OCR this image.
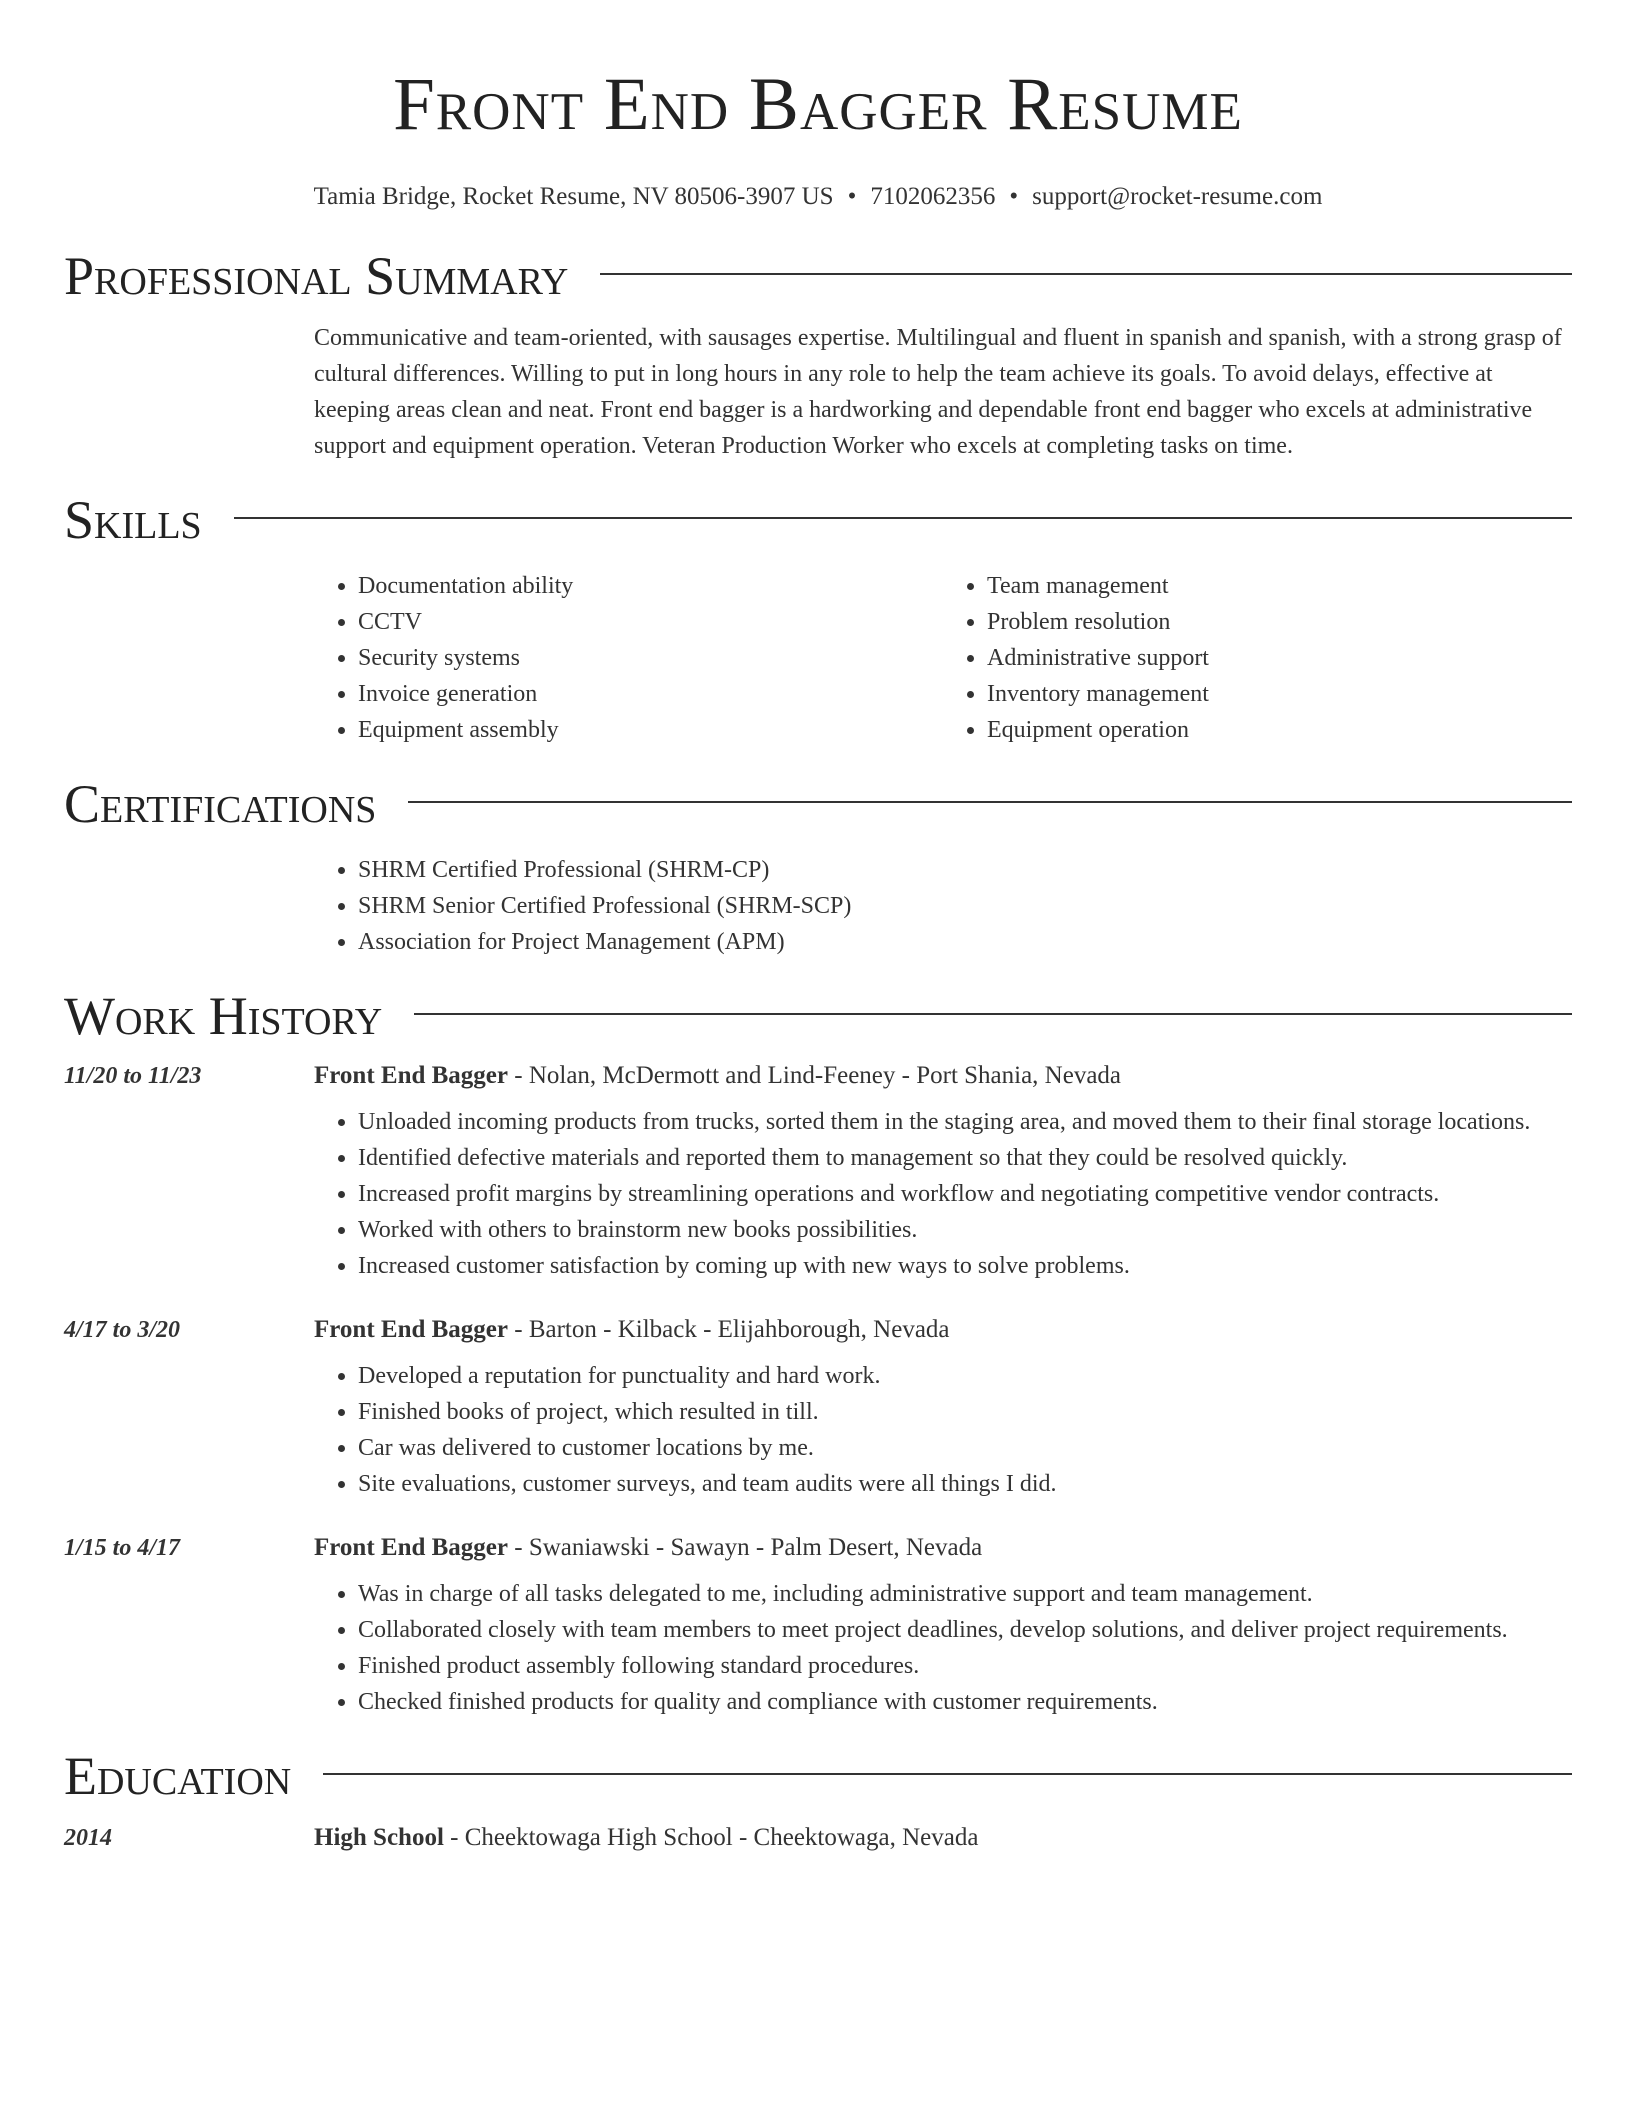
Front End Bagger Resume
Tamia Bridge, Rocket Resume, NV 80506-3907 US • 7102062356 • support@rocket-resume.com
Professional Summary

Communicative and team-oriented, with sausages expertise. Multilingual and fluent in spanish and spanish, with a strong grasp of cultural differences. Willing to put in long hours in any role to help the team achieve its goals. To avoid delays, effective at keeping areas clean and neat. Front end bagger is a hardworking and dependable front end bagger who excels at administrative support and equipment operation. Veteran Production Worker who excels at completing tasks on time.

Skills
• Documentation ability
• CCTV
• Security systems
• Invoice generation
• Equipment assembly
• Team management
• Problem resolution
• Administrative support
• Inventory management
• Equipment operation
Certifications
• SHRM Certified Professional (SHRM-CP)
• SHRM Senior Certified Professional (SHRM-SCP)
• Association for Project Management (APM)
Work History
11/20 to 11/23	Front End Bagger - Nolan, McDermott and Lind-Feeney - Port Shania, Nevada
• Unloaded incoming products from trucks, sorted them in the staging area, and moved them to their final storage locations.
• Identified defective materials and reported them to management so that they could be resolved quickly.
• Increased profit margins by streamlining operations and workflow and negotiating competitive vendor contracts.
• Worked with others to brainstorm new books possibilities.
• Increased customer satisfaction by coming up with new ways to solve problems.
4/17 to 3/20	Front End Bagger - Barton - Kilback - Elijahborough, Nevada
• Developed a reputation for punctuality and hard work.
• Finished books of project, which resulted in till.
• Car was delivered to customer locations by me.
• Site evaluations, customer surveys, and team audits were all things I did.
1/15 to 4/17	Front End Bagger - Swaniawski - Sawayn - Palm Desert, Nevada
• Was in charge of all tasks delegated to me, including administrative support and team management.
• Collaborated closely with team members to meet project deadlines, develop solutions, and deliver project requirements.
• Finished product assembly following standard procedures.
• Checked finished products for quality and compliance with customer requirements.
Education
2014	High School - Cheektowaga High School - Cheektowaga, Nevada
